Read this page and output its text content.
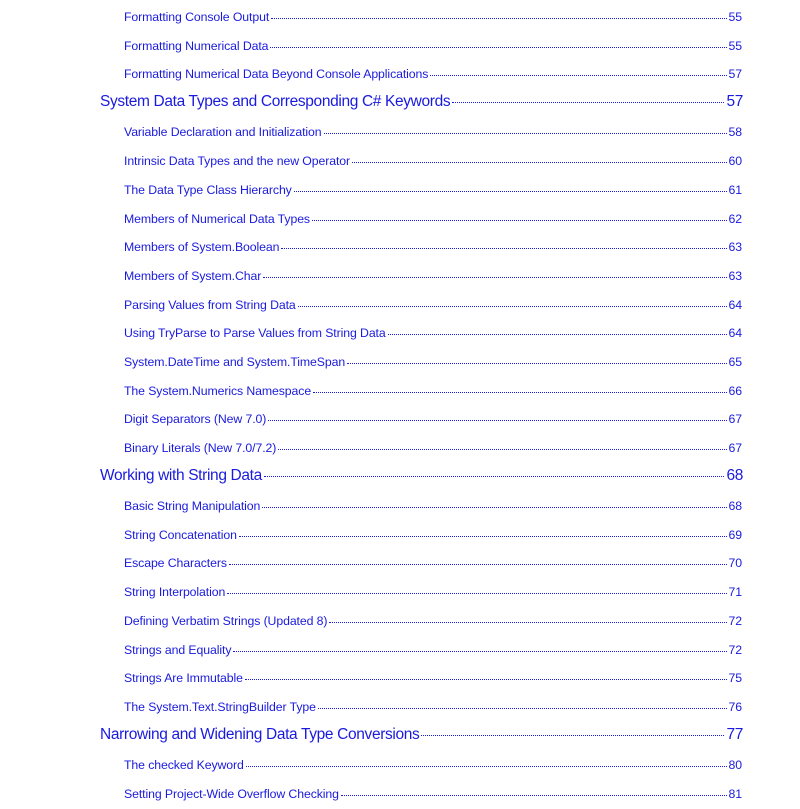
Formatting Console Output	55
Formatting Numerical Data	55
Formatting Numerical Data Beyond Console Applications	57
System Data Types and Corresponding C# Keywords	57
Variable Declaration and Initialization	58
Intrinsic Data Types and the new Operator	60
The Data Type Class Hierarchy	61
Members of Numerical Data Types	62
Members of System.Boolean	63
Members of System.Char	63
Parsing Values from String Data	64
Using TryParse to Parse Values from String Data	64
System.DateTime and System.TimeSpan	65
The System.Numerics Namespace	66
Digit Separators (New 7.0)	67
Binary Literals (New 7.0/7.2)	67
Working with String Data	68
Basic String Manipulation	68
String Concatenation	69
Escape Characters	70
String Interpolation	71
Defining Verbatim Strings (Updated 8)	72
Strings and Equality	72
Strings Are Immutable	75
The System.Text.StringBuilder Type	76
Narrowing and Widening Data Type Conversions	77
The checked Keyword	80
Setting Project-Wide Overflow Checking	81
